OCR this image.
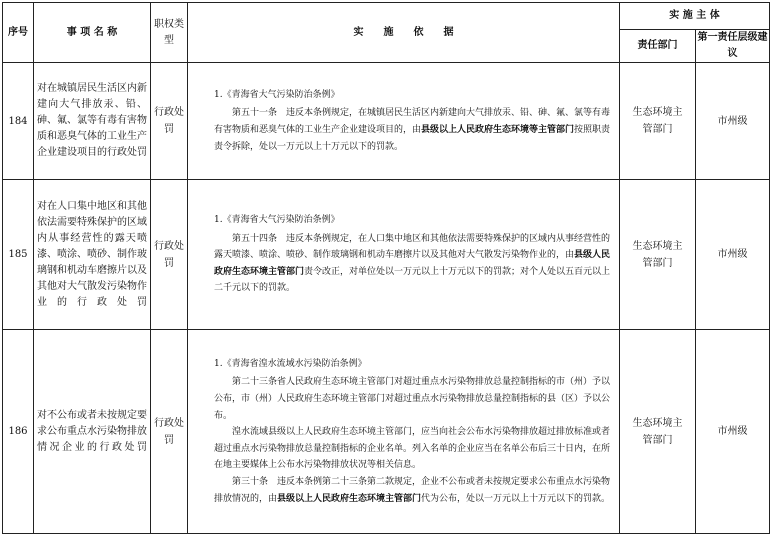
序号	事 项 名 称	职权类型	实　　施　　依　　据	实 施 主 体	
				责任部门	第一责任层级建议
184	对在城镇居民生活区内新建向大气排放汞、铅、砷、氟、氯等有毒有害物质和恶臭气体的工业生产企业建设项目的行政处罚	行政处罚	1.《青海省大气污染防治条例》

第五十一条　违反本条例规定，在城镇居民生活区内新建向大气排放汞、铅、砷、氟、氯等有毒有害物质和恶臭气体的工业生产企业建设项目的，由县级以上人民政府生态环境等主管部门按照职责责令拆除，处以一万元以上十万元以下的罚款。	生态环境主管部门	市州级
185	对在人口集中地区和其他依法需要特殊保护的区域内从事经营性的露天喷漆、喷涂、喷砂、制作玻璃钢和机动车磨擦片以及其他对大气散发污染物作业的行政处罚	行政处罚	1.《青海省大气污染防治条例》

第五十四条　违反本条例规定，在人口集中地区和其他依法需要特殊保护的区域内从事经营性的露天喷漆、喷涂、喷砂、制作玻璃钢和机动车磨擦片以及其他对大气散发污染物作业的，由县级人民政府生态环境主管部门责令改正，对单位处以一万元以上十万元以下的罚款；对个人处以五百元以上二千元以下的罚款。	生态环境主管部门	市州级
186	对不公布或者未按规定要求公布重点水污染物排放情况企业的行政处罚	行政处罚	1.《青海省湟水流域水污染防治条例》

第二十三条省人民政府生态环境主管部门对超过重点水污染物排放总量控制指标的市（州）予以公布，市（州）人民政府生态环境主管部门对超过重点水污染物排放总量控制指标的县（区）予以公布。

湟水流域县级以上人民政府生态环境主管部门，应当向社会公布水污染物排放超过排放标准或者超过重点水污染物排放总量控制指标的企业名单。列入名单的企业应当在名单公布后三十日内，在所在地主要媒体上公布水污染物排放状况等相关信息。

第三十条　违反本条例第二十三条第二款规定，企业不公布或者未按规定要求公布重点水污染物排放情况的，由县级以上人民政府生态环境主管部门代为公布，处以一万元以上十万元以下的罚款。	生态环境主管部门	市州级
